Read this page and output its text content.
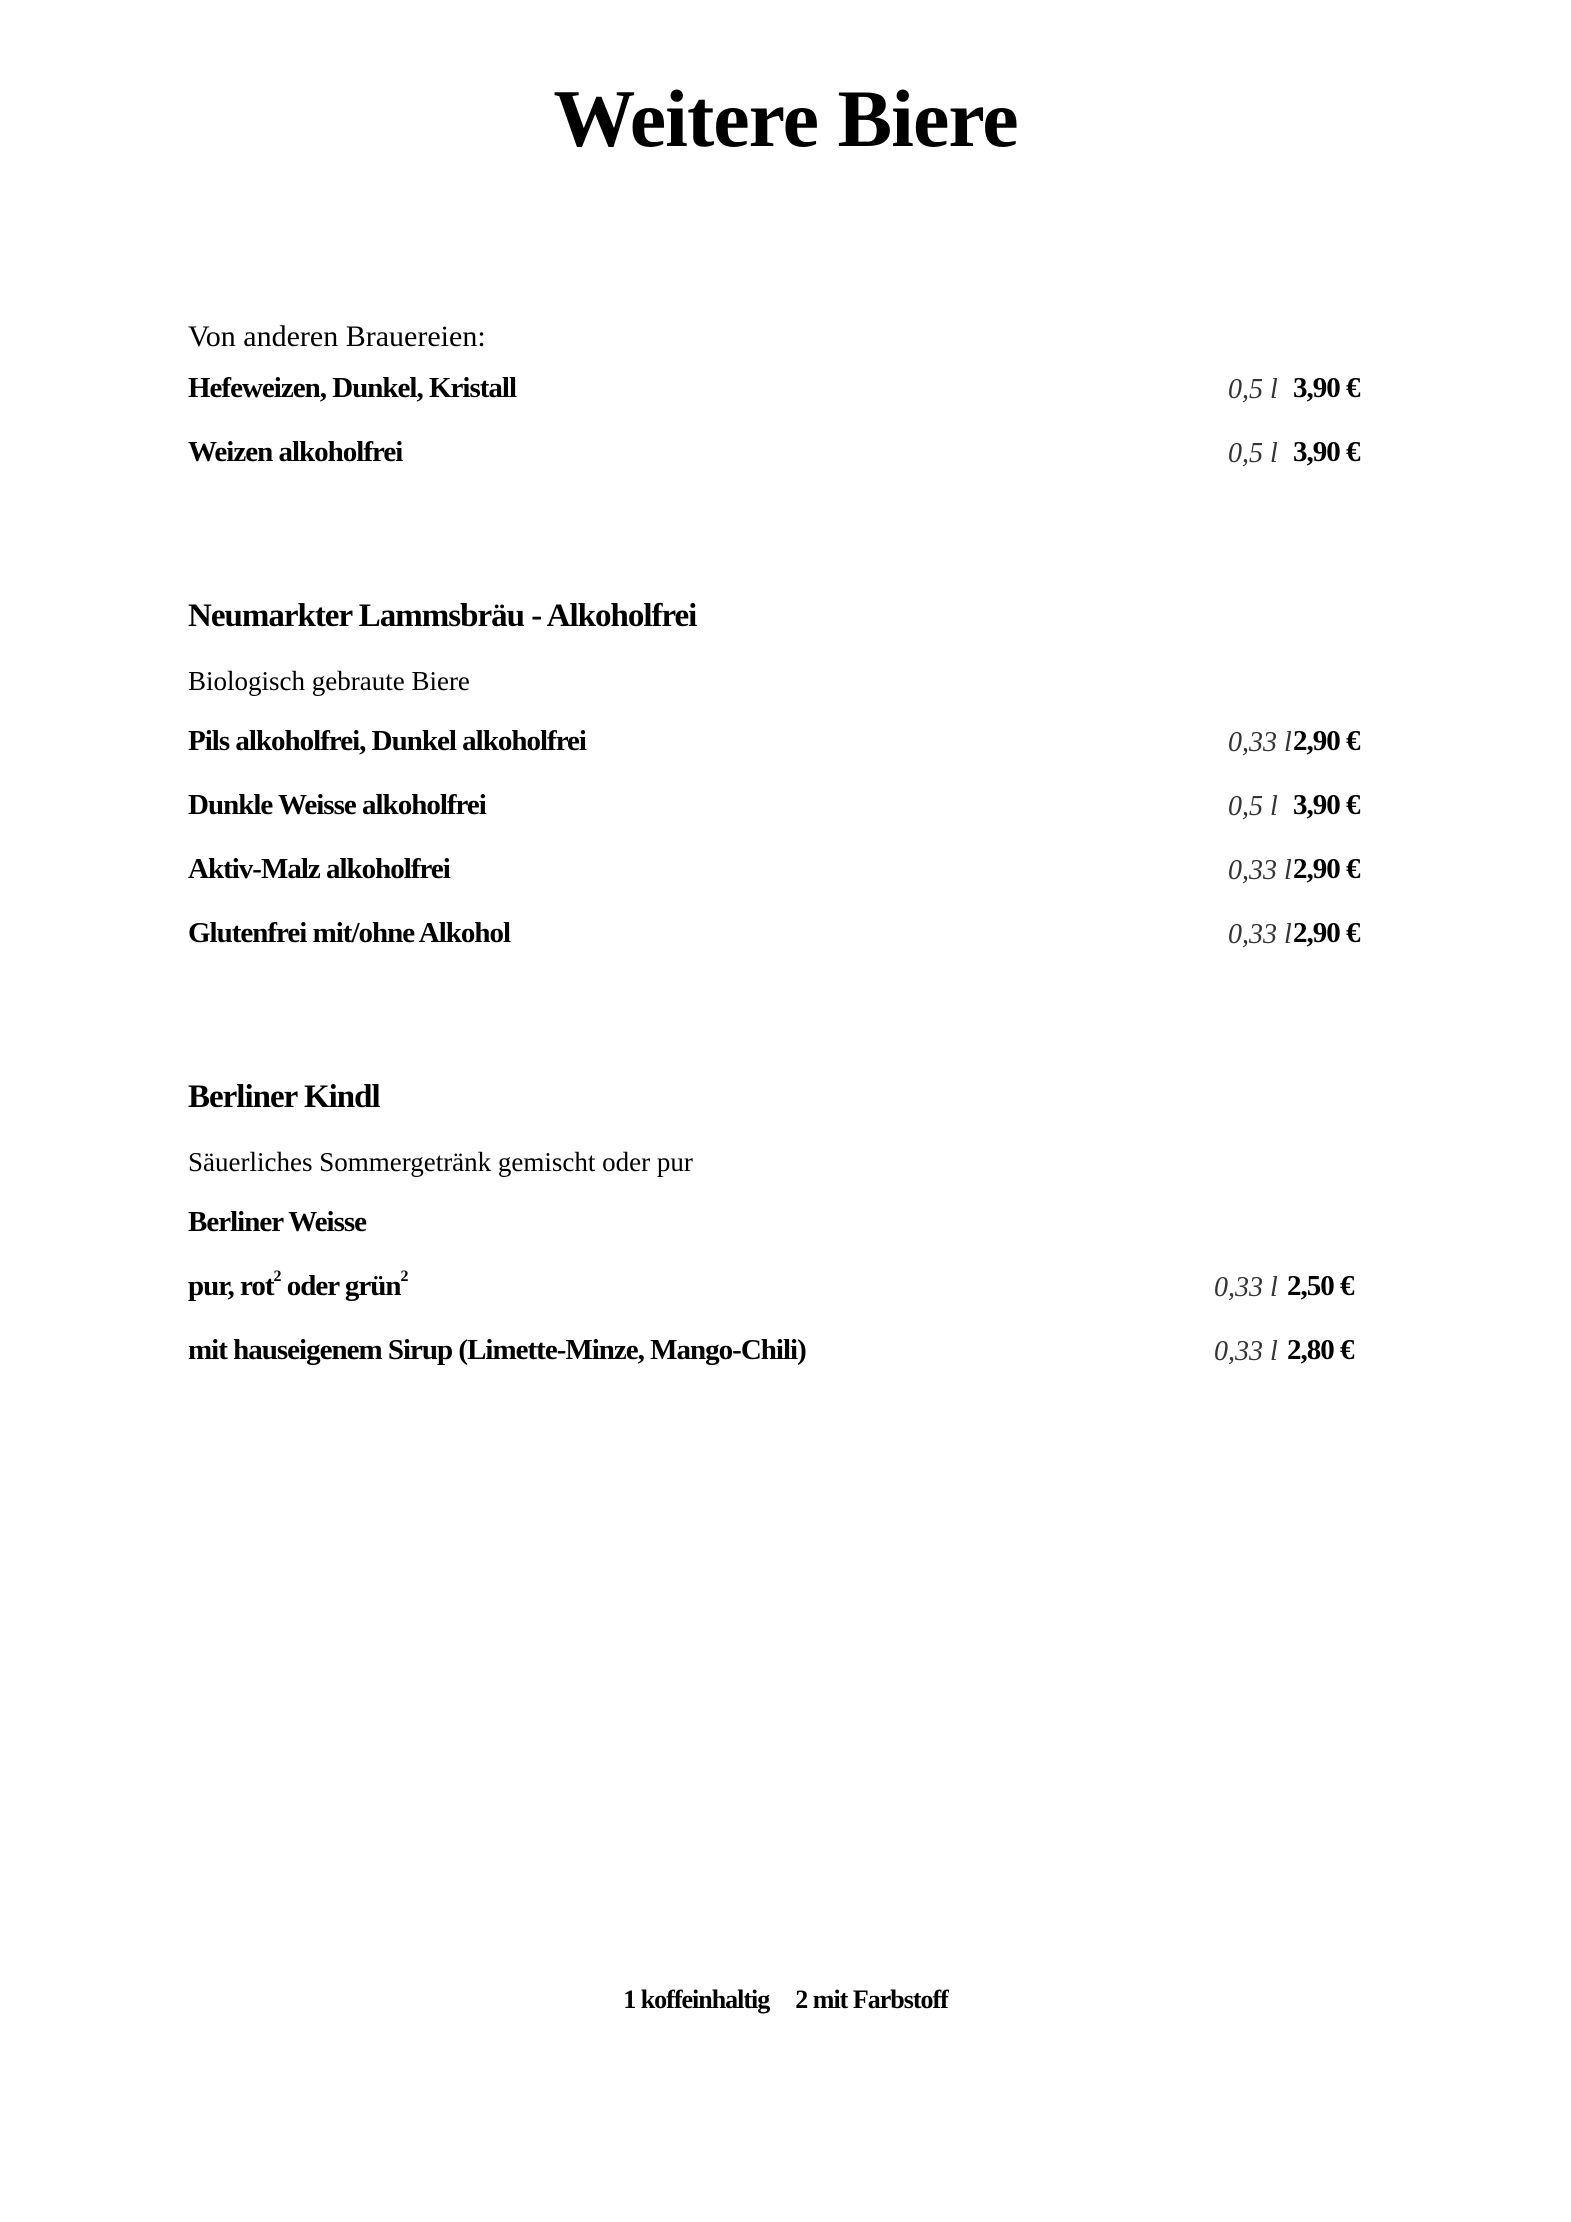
Weitere Biere
Von anderen Brauereien:
Hefeweizen, Dunkel, Kristall	0,5 l 3,90 €
Weizen alkoholfrei	0,5 l 3,90 €
Neumarkter Lammsbräu - Alkoholfrei
Biologisch gebraute Biere
Pils alkoholfrei, Dunkel alkoholfrei	0,33 l 2,90 €
Dunkle Weisse alkoholfrei	0,5 l 3,90 €
Aktiv-Malz alkoholfrei	0,33 l 2,90 €
Glutenfrei mit/ohne Alkohol	0,33 l 2,90 €
Berliner Kindl
Säuerliches Sommergetränk gemischt oder pur
Berliner Weisse
pur, rot$^2$ oder grün$^2$	0,33 l 2,50 €
mit hauseigenem Sirup (Limette-Minze, Mango-Chili)	0,33 l 2,80 €
1 koffeinhaltig 2 mit Farbstoff
